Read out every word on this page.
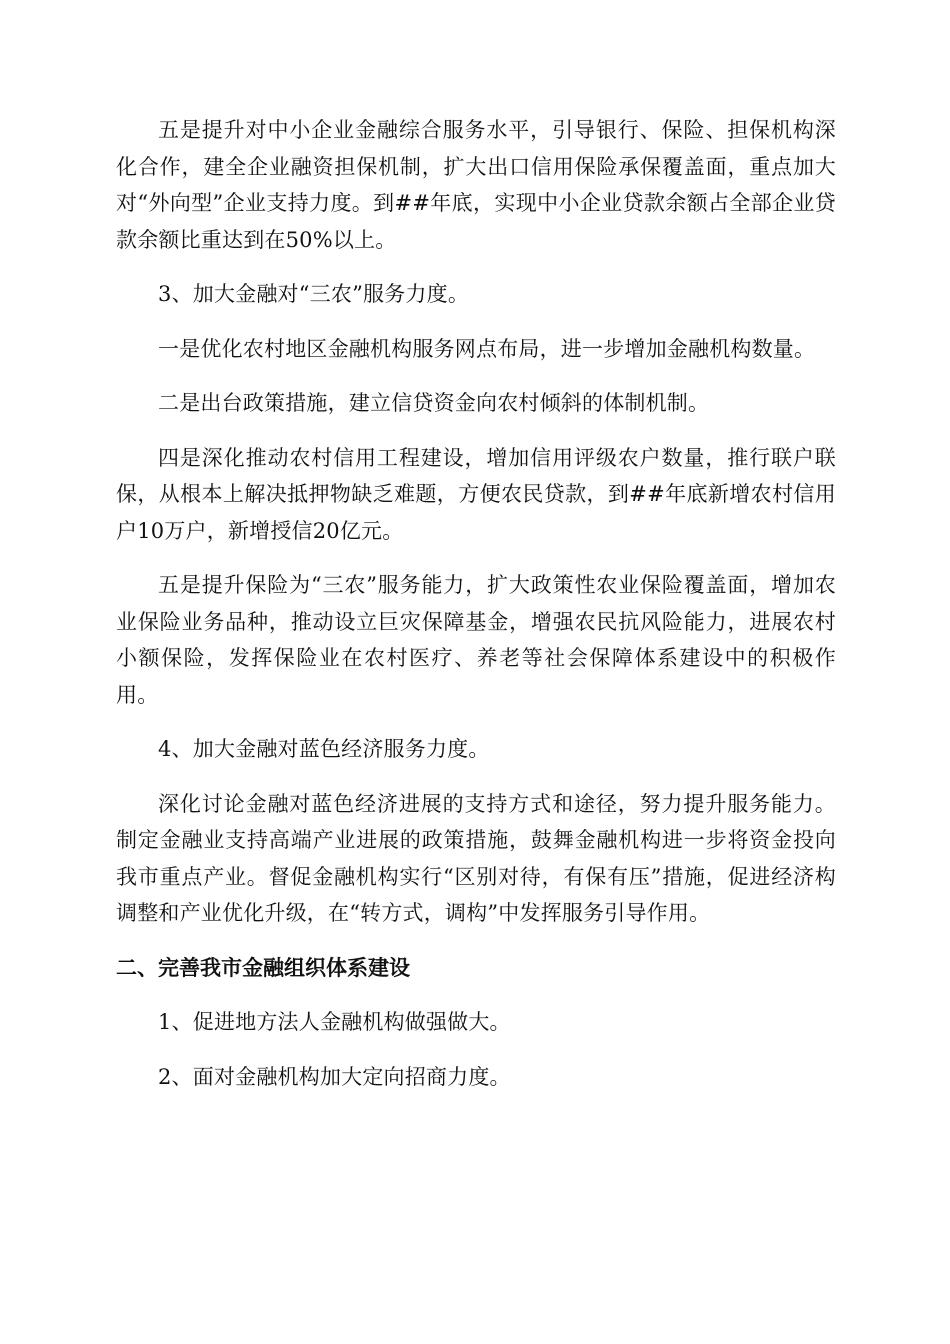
五是提升对中小企业金融综合服务水平，引导银行、保险、担保机构深化合作，建全企业融资担保机制，扩大出口信用保险承保覆盖面，重点加大对“外向型”企业支持力度。到##年底，实现中小企业贷款余额占全部企业贷款余额比重达到在50%以上。

3、加大金融对“三农”服务力度。

一是优化农村地区金融机构服务网点布局，进一步增加金融机构数量。

二是出台政策措施，建立信贷资金向农村倾斜的体制机制。

四是深化推动农村信用工程建设，增加信用评级农户数量，推行联户联保，从根本上解决抵押物缺乏难题，方便农民贷款，到##年底新增农村信用户10万户，新增授信20亿元。

五是提升保险为“三农”服务能力，扩大政策性农业保险覆盖面，增加农业保险业务品种，推动设立巨灾保障基金，增强农民抗风险能力，进展农村小额保险，发挥保险业在农村医疗、养老等社会保障体系建设中的积极作用。

4、加大金融对蓝色经济服务力度。

深化讨论金融对蓝色经济进展的支持方式和途径，努力提升服务能力。制定金融业支持高端产业进展的政策措施，鼓舞金融机构进一步将资金投向我市重点产业。督促金融机构实行“区别对待，有保有压”措施，促进经济构调整和产业优化升级，在“转方式，调构”中发挥服务引导作用。

二、完善我市金融组织体系建设

1、促进地方法人金融机构做强做大。

2、面对金融机构加大定向招商力度。
